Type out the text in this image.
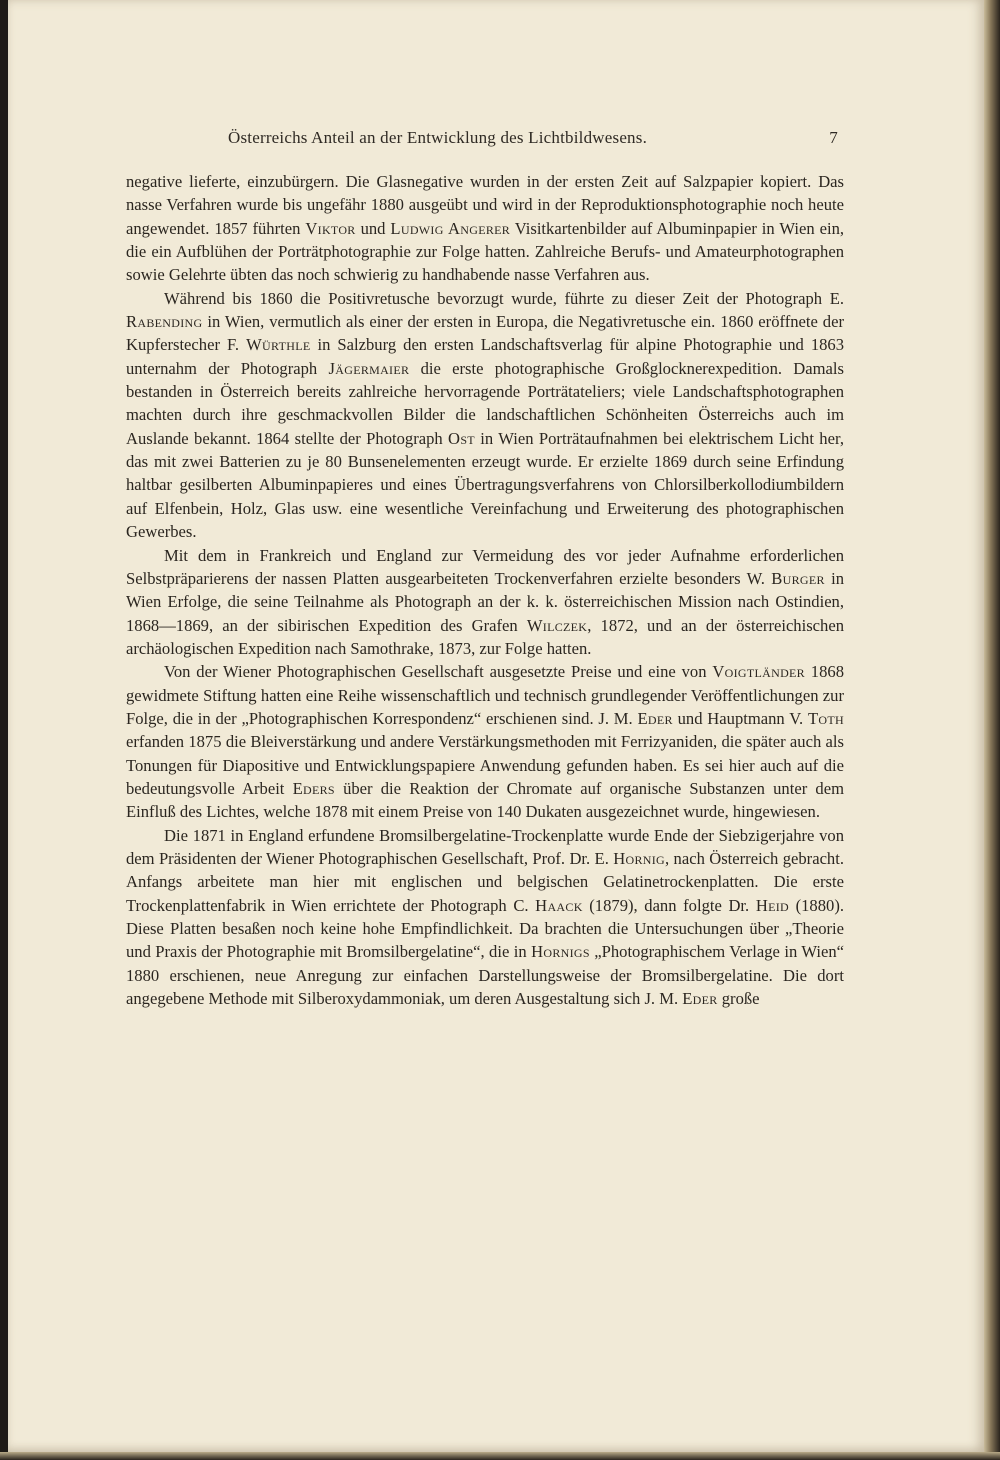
Österreichs Anteil an der Entwicklung des Lichtbildwesens.	7

negative lieferte, einzubürgern. Die Glasnegative wurden in der ersten Zeit auf Salzpapier kopiert. Das nasse Verfahren wurde bis ungefähr 1880 ausgeübt und wird in der Reproduktionsphotographie noch heute angewendet. 1857 führten Viktor und Ludwig Angerer Visitkartenbilder auf Albuminpapier in Wien ein, die ein Aufblühen der Porträtphotographie zur Folge hatten. Zahlreiche Berufs- und Amateurphotographen sowie Gelehrte übten das noch schwierig zu handhabende nasse Verfahren aus.

Während bis 1860 die Positivretusche bevorzugt wurde, führte zu dieser Zeit der Photograph E. Rabending in Wien, vermutlich als einer der ersten in Europa, die Negativretusche ein. 1860 eröffnete der Kupferstecher F. Würthle in Salzburg den ersten Landschaftsverlag für alpine Photographie und 1863 unternahm der Photograph Jägermaier die erste photographische Großglocknerexpedition. Damals bestanden in Österreich bereits zahlreiche hervorragende Porträtateliers; viele Landschaftsphotographen machten durch ihre geschmackvollen Bilder die landschaftlichen Schönheiten Österreichs auch im Auslande bekannt. 1864 stellte der Photograph Ost in Wien Porträtaufnahmen bei elektrischem Licht her, das mit zwei Batterien zu je 80 Bunsenelementen erzeugt wurde. Er erzielte 1869 durch seine Erfindung haltbar gesilberten Albuminpapieres und eines Übertragungsverfahrens von Chlorsilberkollodiumbildern auf Elfenbein, Holz, Glas usw. eine wesentliche Vereinfachung und Erweiterung des photographischen Gewerbes.

Mit dem in Frankreich und England zur Vermeidung des vor jeder Aufnahme erforderlichen Selbstpräparierens der nassen Platten ausgearbeiteten Trockenverfahren erzielte besonders W. Burger in Wien Erfolge, die seine Teilnahme als Photograph an der k. k. österreichischen Mission nach Ostindien, 1868—1869, an der sibirischen Expedition des Grafen Wilczek, 1872, und an der österreichischen archäologischen Expedition nach Samothrake, 1873, zur Folge hatten.

Von der Wiener Photographischen Gesellschaft ausgesetzte Preise und eine von Voigtländer 1868 gewidmete Stiftung hatten eine Reihe wissenschaftlich und technisch grundlegender Veröffentlichungen zur Folge, die in der „Photographischen Korrespondenz“ erschienen sind. J. M. Eder und Hauptmann V. Toth erfanden 1875 die Bleiverstärkung und andere Verstärkungsmethoden mit Ferrizyaniden, die später auch als Tonungen für Diapositive und Entwicklungspapiere Anwendung gefunden haben. Es sei hier auch auf die bedeutungsvolle Arbeit Eders über die Reaktion der Chromate auf organische Substanzen unter dem Einfluß des Lichtes, welche 1878 mit einem Preise von 140 Dukaten ausgezeichnet wurde, hingewiesen.

Die 1871 in England erfundene Bromsilbergelatine-Trockenplatte wurde Ende der Siebzigerjahre von dem Präsidenten der Wiener Photographischen Gesellschaft, Prof. Dr. E. Hornig, nach Österreich gebracht. Anfangs arbeitete man hier mit englischen und belgischen Gelatinetrockenplatten. Die erste Trockenplattenfabrik in Wien errichtete der Photograph C. Haack (1879), dann folgte Dr. Heid (1880). Diese Platten besaßen noch keine hohe Empfindlichkeit. Da brachten die Untersuchungen über „Theorie und Praxis der Photographie mit Bromsilbergelatine“, die in Hornigs „Photographischem Verlage in Wien“ 1880 erschienen, neue Anregung zur einfachen Darstellungsweise der Bromsilbergelatine. Die dort angegebene Methode mit Silberoxydammoniak, um deren Ausgestaltung sich J. M. Eder große
